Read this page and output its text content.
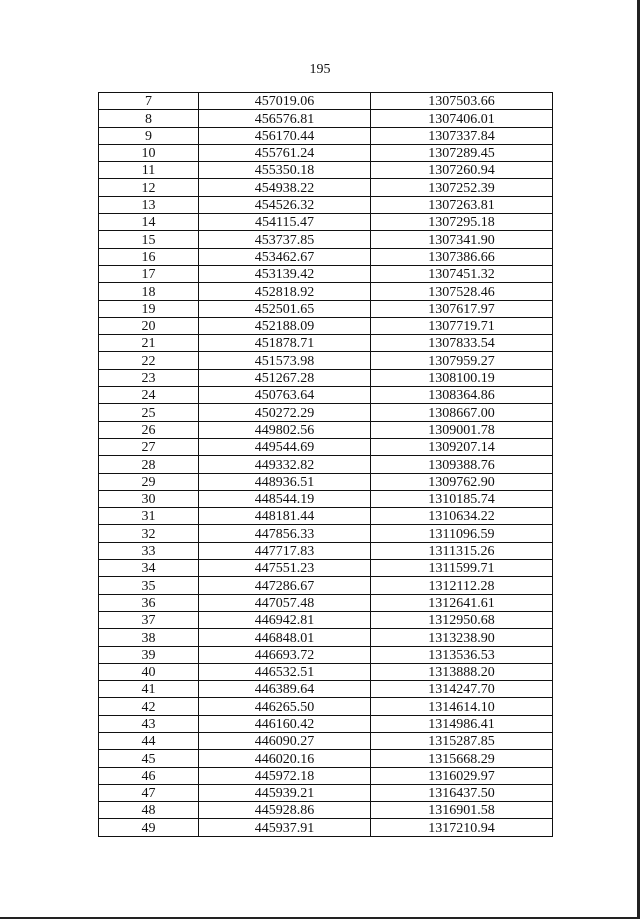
195
7	457019.06	1307503.66
8	456576.81	1307406.01
9	456170.44	1307337.84
10	455761.24	1307289.45
11	455350.18	1307260.94
12	454938.22	1307252.39
13	454526.32	1307263.81
14	454115.47	1307295.18
15	453737.85	1307341.90
16	453462.67	1307386.66
17	453139.42	1307451.32
18	452818.92	1307528.46
19	452501.65	1307617.97
20	452188.09	1307719.71
21	451878.71	1307833.54
22	451573.98	1307959.27
23	451267.28	1308100.19
24	450763.64	1308364.86
25	450272.29	1308667.00
26	449802.56	1309001.78
27	449544.69	1309207.14
28	449332.82	1309388.76
29	448936.51	1309762.90
30	448544.19	1310185.74
31	448181.44	1310634.22
32	447856.33	1311096.59
33	447717.83	1311315.26
34	447551.23	1311599.71
35	447286.67	1312112.28
36	447057.48	1312641.61
37	446942.81	1312950.68
38	446848.01	1313238.90
39	446693.72	1313536.53
40	446532.51	1313888.20
41	446389.64	1314247.70
42	446265.50	1314614.10
43	446160.42	1314986.41
44	446090.27	1315287.85
45	446020.16	1315668.29
46	445972.18	1316029.97
47	445939.21	1316437.50
48	445928.86	1316901.58
49	445937.91	1317210.94
